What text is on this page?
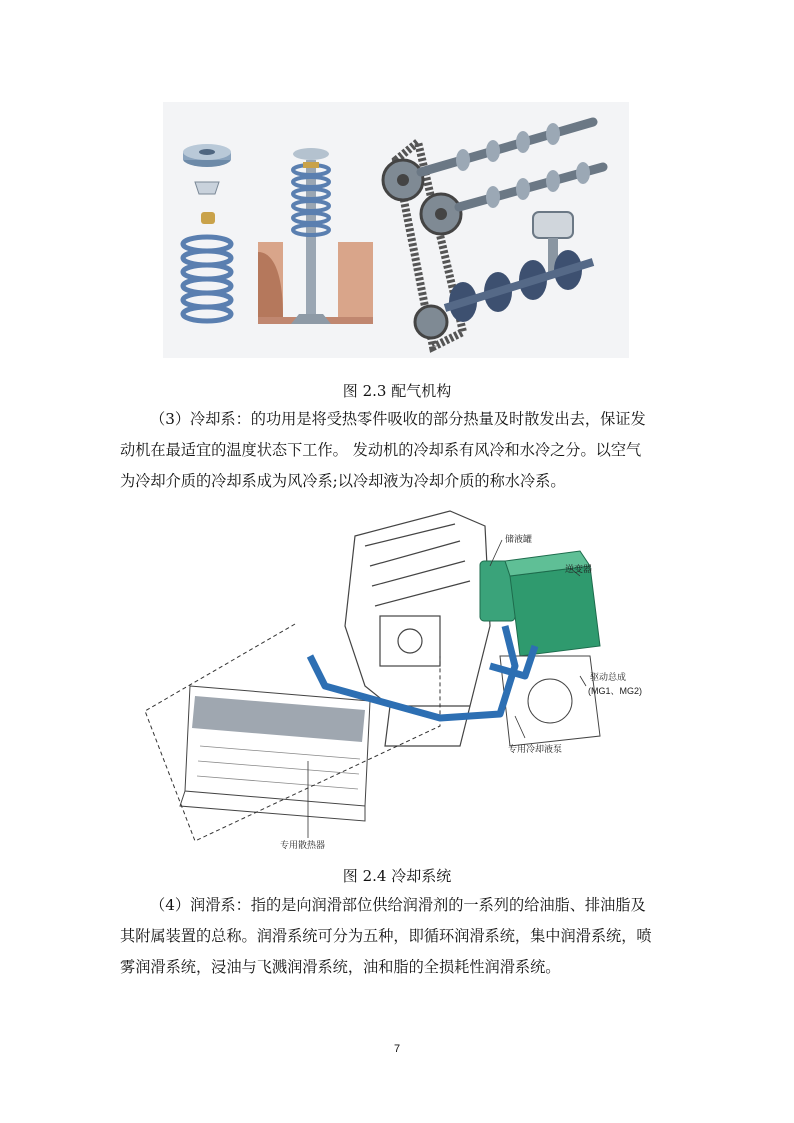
图 2.3 配气机构
（3）冷却系：的功用是将受热零件吸收的部分热量及时散发出去，保证发
动机在最适宜的温度状态下工作。 发动机的冷却系有风冷和水冷之分。以空气
为冷却介质的冷却系成为风冷系;以冷却液为冷却介质的称水冷系。
储液罐
逆变器
驱动总成
(MG1、MG2)
专用冷却液泵
专用散热器
图 2.4 冷却系统
（4）润滑系：指的是向润滑部位供给润滑剂的一系列的给油脂、排油脂及
其附属装置的总称。润滑系统可分为五种，即循环润滑系统，集中润滑系统，喷
雾润滑系统，浸油与飞溅润滑系统，油和脂的全损耗性润滑系统。
7
